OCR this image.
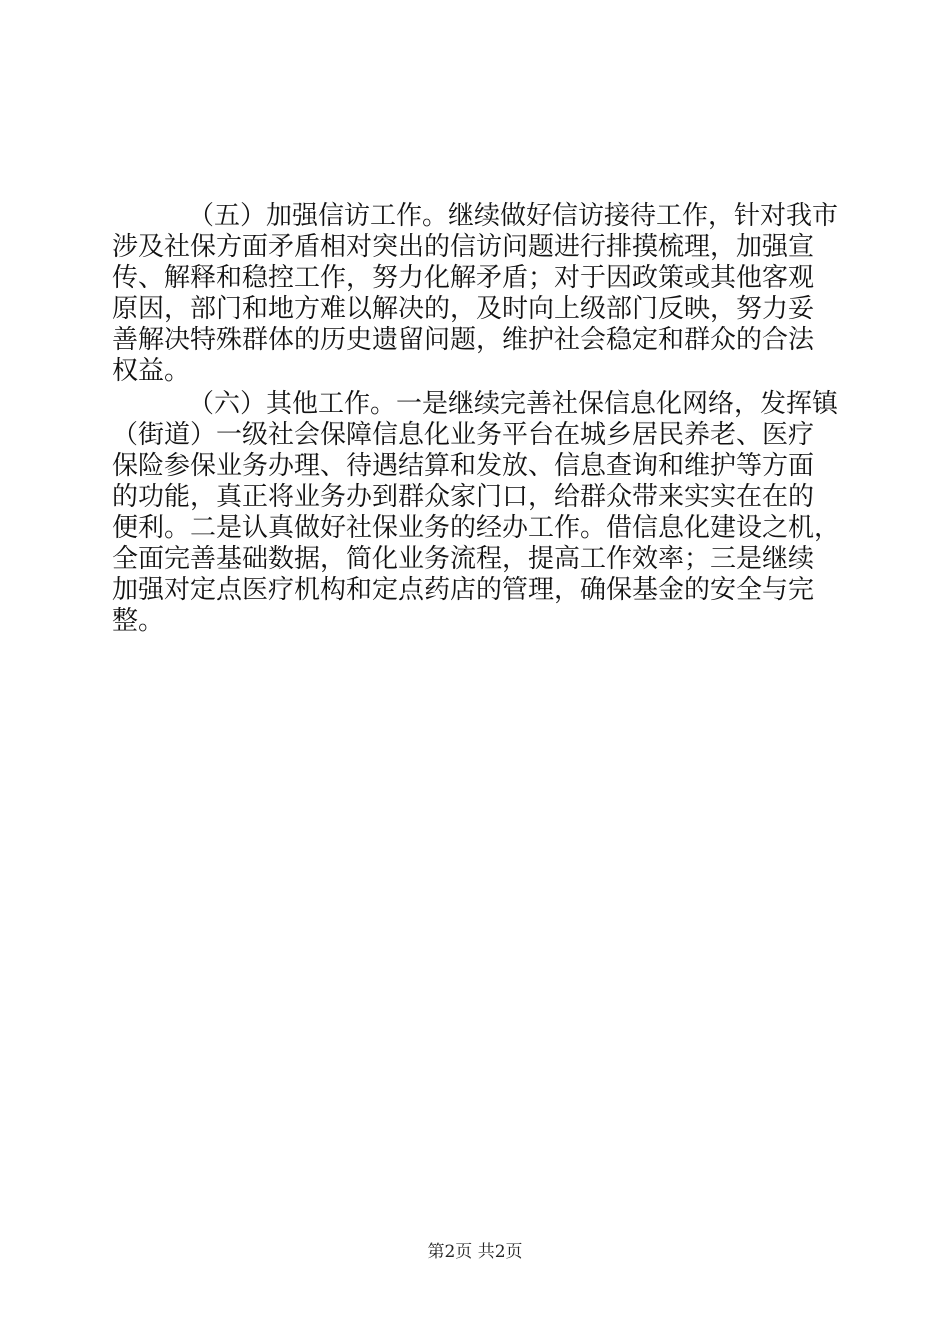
（五）加强信访工作。继续做好信访接待工作，针对我市
涉及社保方面矛盾相对突出的信访问题进行排摸梳理，加强宣
传、解释和稳控工作，努力化解矛盾；对于因政策或其他客观
原因，部门和地方难以解决的，及时向上级部门反映，努力妥
善解决特殊群体的历史遗留问题，维护社会稳定和群众的合法
权益。
（六）其他工作。一是继续完善社保信息化网络，发挥镇
（街道）一级社会保障信息化业务平台在城乡居民养老、医疗
保险参保业务办理、待遇结算和发放、信息查询和维护等方面
的功能，真正将业务办到群众家门口，给群众带来实实在在的
便利。二是认真做好社保业务的经办工作。借信息化建设之机，
全面完善基础数据，简化业务流程，提高工作效率；三是继续
加强对定点医疗机构和定点药店的管理，确保基金的安全与完
整。
第2页 共2页
